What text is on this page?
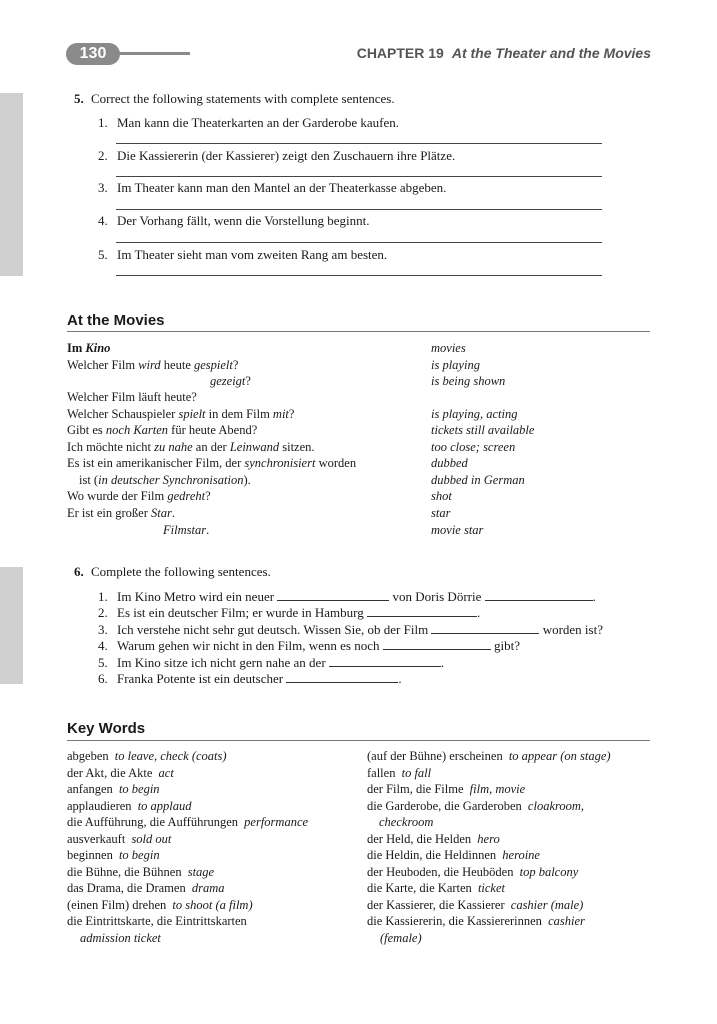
130	CHAPTER 19 At the Theater and the Movies
5. Correct the following statements with complete sentences.
1. Man kann die Theaterkarten an der Garderobe kaufen.
2. Die Kassiererin (der Kassierer) zeigt den Zuschauern ihre Plätze.
3. Im Theater kann man den Mantel an der Theaterkasse abgeben.
4. Der Vorhang fällt, wenn die Vorstellung beginnt.
5. Im Theater sieht man vom zweiten Rang am besten.
At the Movies
Im Kino	movies
Welcher Film wird heute gespielt?	is playing
gezeigt?	is being shown
Welcher Film läuft heute?
Welcher Schauspieler spielt in dem Film mit?	is playing, acting
Gibt es noch Karten für heute Abend?	tickets still available
Ich möchte nicht zu nahe an der Leinwand sitzen.	too close; screen
Es ist ein amerikanischer Film, der synchronisiert worden	dubbed
ist (in deutscher Synchronisation).	dubbed in German
Wo wurde der Film gedreht?	shot
Er ist ein großer Star.	star
Filmstar.	movie star
6. Complete the following sentences.
1. Im Kino Metro wird ein neuer	von Doris Dörrie	.
2. Es ist ein deutscher Film; er wurde in Hamburg	.
3. Ich verstehe nicht sehr gut deutsch. Wissen Sie, ob der Film	worden ist?
4. Warum gehen wir nicht in den Film, wenn es noch	gibt?
5. Im Kino sitze ich nicht gern nahe an der	.
6. Franka Potente ist ein deutscher	.
Key Words
abgeben to leave, check (coats)
der Akt, die Akte act
anfangen to begin
applaudieren to applaud
die Aufführung, die Aufführungen performance
ausverkauft sold out
beginnen to begin
die Bühne, die Bühnen stage
das Drama, die Dramen drama
(einen Film) drehen to shoot (a film)
die Eintrittskarte, die Eintrittskarten
admission ticket
(auf der Bühne) erscheinen to appear (on stage)
fallen to fall
der Film, die Filme film, movie
die Garderobe, die Garderoben cloakroom,
checkroom
der Held, die Helden hero
die Heldin, die Heldinnen heroine
der Heuboden, die Heuböden top balcony
die Karte, die Karten ticket
der Kassierer, die Kassierer cashier (male)
die Kassiererin, die Kassiererinnen cashier
(female)
